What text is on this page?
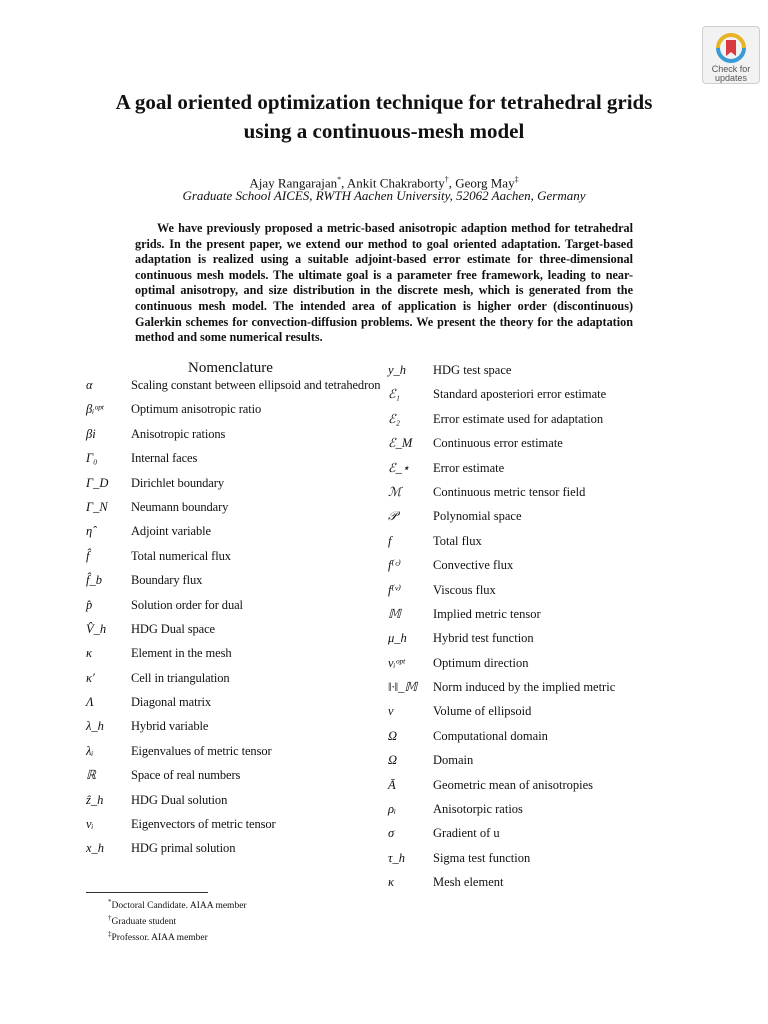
Check for
updates
A goal oriented optimization technique for tetrahedral grids
using a continuous-mesh model
Ajay Rangarajan*, Ankit Chakraborty†, Georg May‡
Graduate School AICES, RWTH Aachen University, 52062 Aachen, Germany

We have previously proposed a metric-based anisotropic adaption method for tetrahedral grids. In the present paper, we extend our method to goal oriented adaptation. Target-based adaptation is realized using a suitable adjoint-based error estimate for three-dimensional continuous mesh models. The ultimate goal is a parameter free framework, leading to near-optimal anisotropy, and size distribution in the discrete mesh, which is generated from the continuous mesh model. The intended area of application is higher order (discontinuous) Galerkin schemes for convection-diffusion problems. We present the theory for the adaptation method and some numerical results.

Nomenclature
α	Scaling constant between ellipsoid and tetrahedron
βᵢᵒᵖᵗ	Optimum anisotropic ratio
βi	Anisotropic rations
Γ₀	Internal faces
Γ_D	Dirichlet boundary
Γ_N	Neumann boundary
η̂	Adjoint variable
f̂	Total numerical flux
f̂_b	Boundary flux
p̂	Solution order for dual
V̂_h	HDG Dual space
κ	Element in the mesh
κ′	Cell in triangulation
Λ	Diagonal matrix
λ_h	Hybrid variable
λᵢ	Eigenvalues of metric tensor
ℝ	Space of real numbers
ẑ_h	HDG Dual solution
vᵢ	Eigenvectors of metric tensor
x_h	HDG primal solution
y_h	HDG test space
ℰ₁	Standard aposteriori error estimate
ℰ₂	Error estimate used for adaptation
ℰ_M	Continuous error estimate
ℰ_⋆	Error estimate
ℳ	Continuous metric tensor field
𝒫	Polynomial space
f	Total flux
f⁽ᶜ⁾	Convective flux
f⁽ᵛ⁾	Viscous flux
𝕄	Implied metric tensor
μ_h	Hybrid test function
vᵢᵒᵖᵗ	Optimum direction
‖·‖_𝕄	Norm induced by the implied metric
ν	Volume of ellipsoid
Ω	Computational domain
Ω	Domain
Ā	Geometric mean of anisotropies
ρᵢ	Anisotorpic ratios
σ	Gradient of u
τ_h	Sigma test function
κ	Mesh element
*Doctoral Candidate. AIAA member
†Graduate student
‡Professor. AIAA member
